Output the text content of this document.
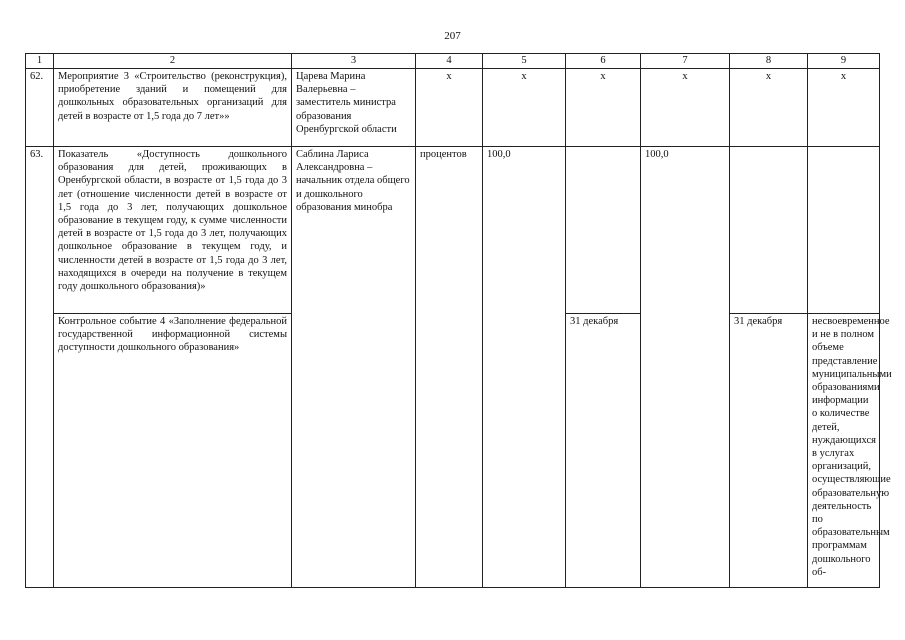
207
1	2	3	4	5	6	7	8	9
62.	Мероприятие 3 «Строительство (реконструкция), приобретение зданий и помещений для дошкольных образовательных организаций для детей в возрасте от 1,5 года до 7 лет»»	Царева Марина Валерьевна – заместитель министра образования Оренбургской области	x	x	x	x	x	x
63.	Показатель «Доступность дошкольного образования для детей, проживающих в Оренбургской области, в возрасте от 1,5 года до 3 лет (отношение численности детей в возрасте от 1,5 года до 3 лет, получающих дошкольное образование в текущем году, к сумме численности детей в возрасте от 1,5 года до 3 лет, получающих дошкольное образование в текущем году, и численности детей в возрасте от 1,5 года до 3 лет, находящихся в очереди на получение в текущем году дошкольного образования)»	Саблина Лариса Александровна – начальник отдела общего и дошкольного образования минобра	процентов	100,0		100,0		
	Контрольное событие 4 «Заполнение федеральной государственной информационной системы доступности дошкольного образования»				31 декабря		31 декабря	несвоевременное и не в полном объеме представление муниципальными образованиями информации о количестве детей, нуждающихся в услугах организаций, осуществляющие образовательную деятельность по образовательным программам дошкольного об-
